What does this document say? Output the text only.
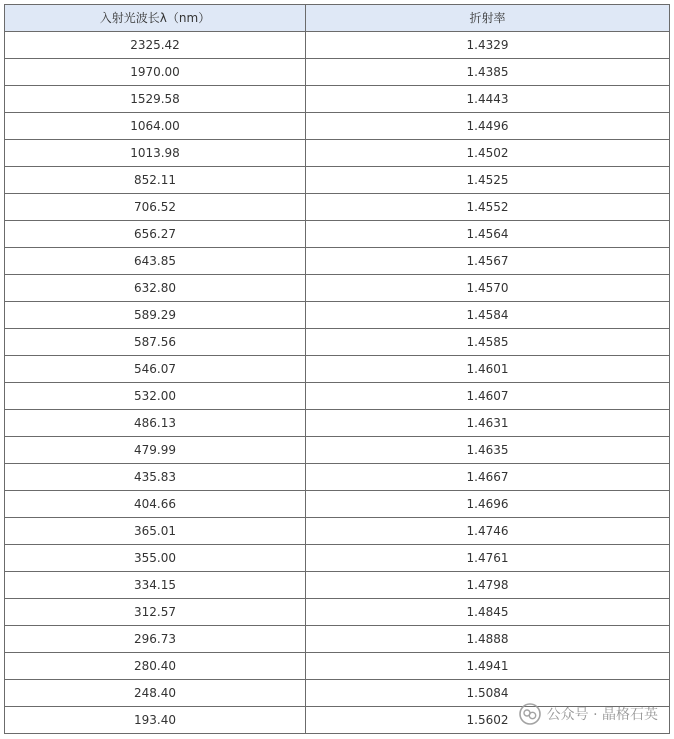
入射光波长λ（nm）	折射率
2325.42	1.4329
1970.00	1.4385
1529.58	1.4443
1064.00	1.4496
1013.98	1.4502
852.11	1.4525
706.52	1.4552
656.27	1.4564
643.85	1.4567
632.80	1.4570
589.29	1.4584
587.56	1.4585
546.07	1.4601
532.00	1.4607
486.13	1.4631
479.99	1.4635
435.83	1.4667
404.66	1.4696
365.01	1.4746
355.00	1.4761
334.15	1.4798
312.57	1.4845
296.73	1.4888
280.40	1.4941
248.40	1.5084
193.40	1.5602	公众号 · 晶格石英
